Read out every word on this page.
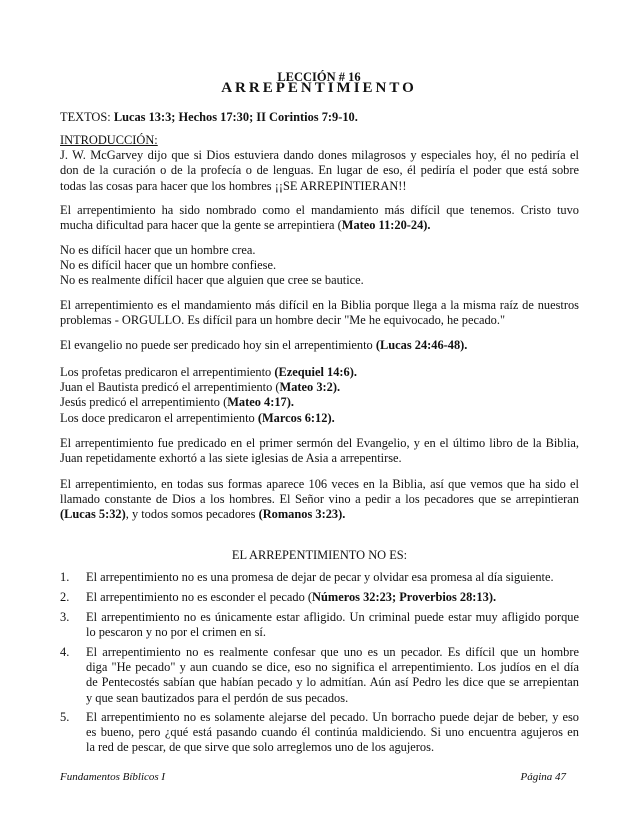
LECCIÓN # 16
ARREPENTIMIENTO
TEXTOS: Lucas 13:3; Hechos 17:30; II Corintios 7:9-10.
INTRODUCCIÓN:
J. W. McGarvey dijo que si Dios estuviera dando dones milagrosos y especiales hoy, él no pediría el
don de la curación o de la profecía o de lenguas. En lugar de eso, él pediría el poder que está sobre
todas las cosas para hacer que los hombres ¡¡SE ARREPINTIERAN!!
El arrepentimiento ha sido nombrado como el mandamiento más difícil que tenemos. Cristo tuvo
mucha dificultad para hacer que la gente se arrepintiera (Mateo 11:20-24).
No es difícil hacer que un hombre crea.
No es difícil hacer que un hombre confiese.
No es realmente difícil hacer que alguien que cree se bautice.
El arrepentimiento es el mandamiento más difícil en la Biblia porque llega a la misma raíz de nuestros
problemas - ORGULLO. Es difícil para un hombre decir "Me he equivocado, he pecado."
El evangelio no puede ser predicado hoy sin el arrepentimiento (Lucas 24:46-48).
Los profetas predicaron el arrepentimiento (Ezequiel 14:6).
Juan el Bautista predicó el arrepentimiento (Mateo 3:2).
Jesús predicó el arrepentimiento (Mateo 4:17).
Los doce predicaron el arrepentimiento (Marcos 6:12).
El arrepentimiento fue predicado en el primer sermón del Evangelio, y en el último libro de la Biblia,
Juan repetidamente exhortó a las siete iglesias de Asia a arrepentirse.
El arrepentimiento, en todas sus formas aparece 106 veces en la Biblia, así que vemos que ha sido el
llamado constante de Dios a los hombres. El Señor vino a pedir a los pecadores que se arrepintieran
(Lucas 5:32), y todos somos pecadores (Romanos 3:23).
EL ARREPENTIMIENTO NO ES:
1. El arrepentimiento no es una promesa de dejar de pecar y olvidar esa promesa al día siguiente.
2. El arrepentimiento no es esconder el pecado (Números 32:23; Proverbios 28:13).
3. El arrepentimiento no es únicamente estar afligido. Un criminal puede estar muy afligido porque
lo pescaron y no por el crimen en sí.
4. El arrepentimiento no es realmente confesar que uno es un pecador. Es difícil que un hombre
diga "He pecado" y aun cuando se dice, eso no significa el arrepentimiento. Los judíos en el día
de Pentecostés sabían que habían pecado y lo admitían. Aún así Pedro les dice que se arrepientan
y que sean bautizados para el perdón de sus pecados.
5. El arrepentimiento no es solamente alejarse del pecado. Un borracho puede dejar de beber, y eso
es bueno, pero ¿qué está pasando cuando él continúa maldiciendo. Si uno encuentra agujeros en
la red de pescar, de que sirve que solo arreglemos uno de los agujeros.
Fundamentos Bíblicos I	Página 47
